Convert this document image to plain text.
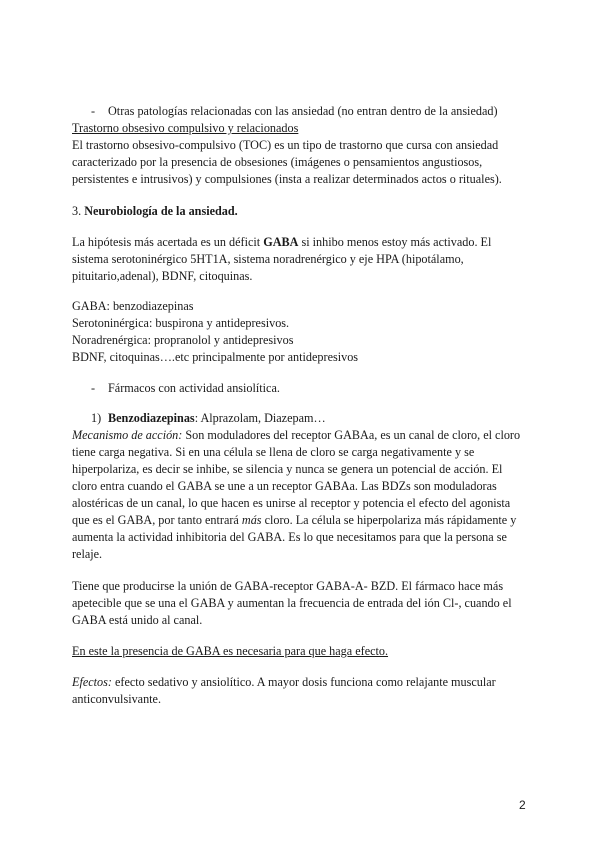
- Otras patologías relacionadas con las ansiedad (no entran dentro de la ansiedad)
Trastorno obsesivo compulsivo y relacionados
El trastorno obsesivo-compulsivo (TOC) es un tipo de trastorno que cursa con ansiedad
caracterizado por la presencia de obsesiones (imágenes o pensamientos angustiosos,
persistentes e intrusivos) y compulsiones (insta a realizar determinados actos o rituales).
3. Neurobiología de la ansiedad.
La hipótesis más acertada es un déficit GABA si inhibo menos estoy más activado. El
sistema serotoninérgico 5HT1A, sistema noradrenérgico y eje HPA (hipotálamo,
pituitario,adenal), BDNF, citoquinas.
GABA: benzodiazepinas
Serotoninérgica: buspirona y antidepresivos.
Noradrenérgica: propranolol y antidepresivos
BDNF, citoquinas….etc principalmente por antidepresivos
- Fármacos con actividad ansiolítica.
1) Benzodiazepinas: Alprazolam, Diazepam…
Mecanismo de acción: Son moduladores del receptor GABAa, es un canal de cloro, el cloro
tiene carga negativa. Si en una célula se llena de cloro se carga negativamente y se
hiperpolariza, es decir se inhibe, se silencia y nunca se genera un potencial de acción. El
cloro entra cuando el GABA se une a un receptor GABAa. Las BDZs son moduladoras
alostéricas de un canal, lo que hacen es unirse al receptor y potencia el efecto del agonista
que es el GABA, por tanto entrará más cloro. La célula se hiperpolariza más rápidamente y
aumenta la actividad inhibitoria del GABA. Es lo que necesitamos para que la persona se
relaje.
Tiene que producirse la unión de GABA-receptor GABA-A- BZD. El fármaco hace más
apetecible que se una el GABA y aumentan la frecuencia de entrada del ión Cl-, cuando el
GABA está unido al canal.
En este la presencia de GABA es necesaria para que haga efecto.
Efectos: efecto sedativo y ansiolítico. A mayor dosis funciona como relajante muscular
anticonvulsivante.
2
